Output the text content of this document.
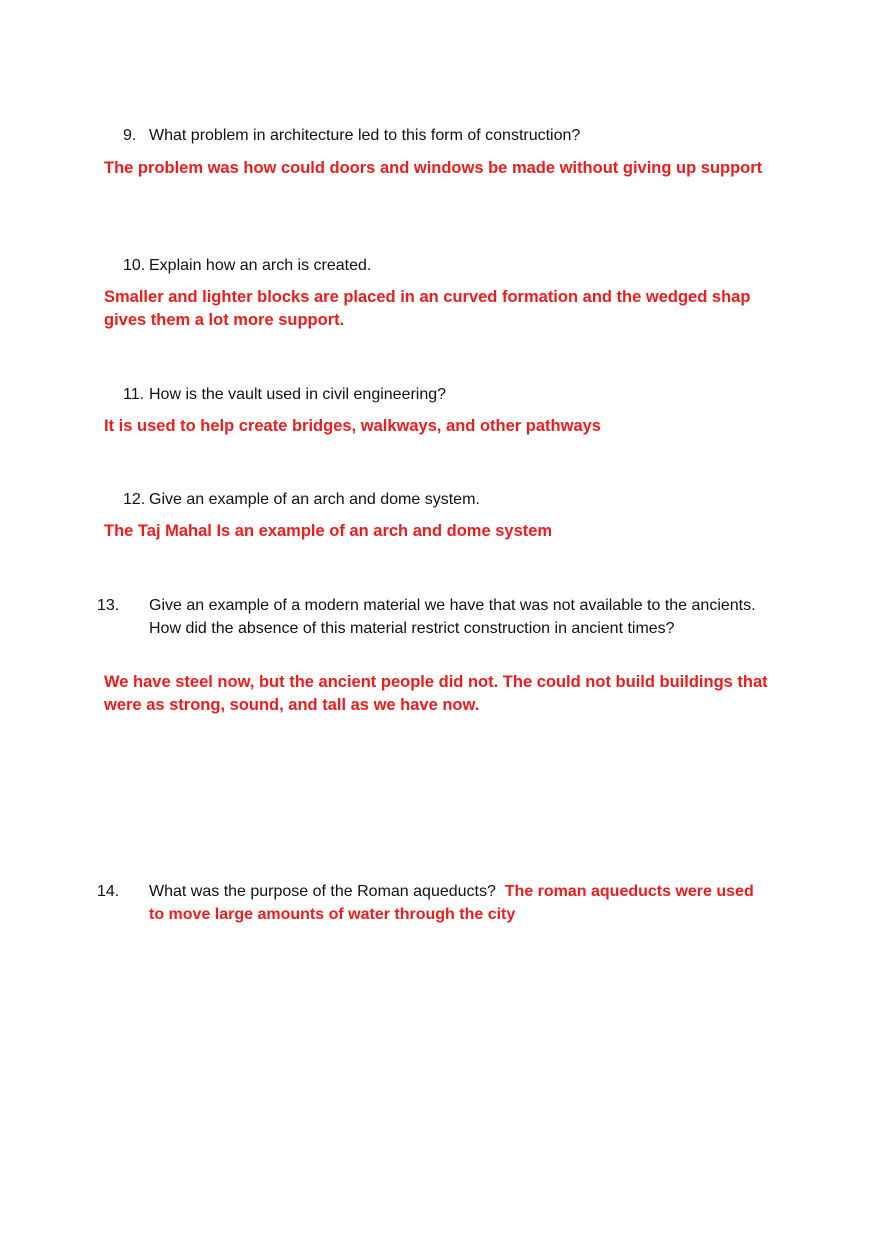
9. What problem in architecture led to this form of construction?
The problem was how could doors and windows be made without giving up support
10. Explain how an arch is created.
Smaller and lighter blocks are placed in an curved formation and the wedged shap gives them a lot more support.
11. How is the vault used in civil engineering?
It is used to help create bridges, walkways, and other pathways
12. Give an example of an arch and dome system.
The Taj Mahal Is an example of an arch and dome system
13. Give an example of a modern material we have that was not available to the ancients. How did the absence of this material restrict construction in ancient times?
We have steel now, but the ancient people did not. The could not build buildings that were as strong, sound, and tall as we have now.
14. What was the purpose of the Roman aqueducts? The roman aqueducts were used to move large amounts of water through the city
